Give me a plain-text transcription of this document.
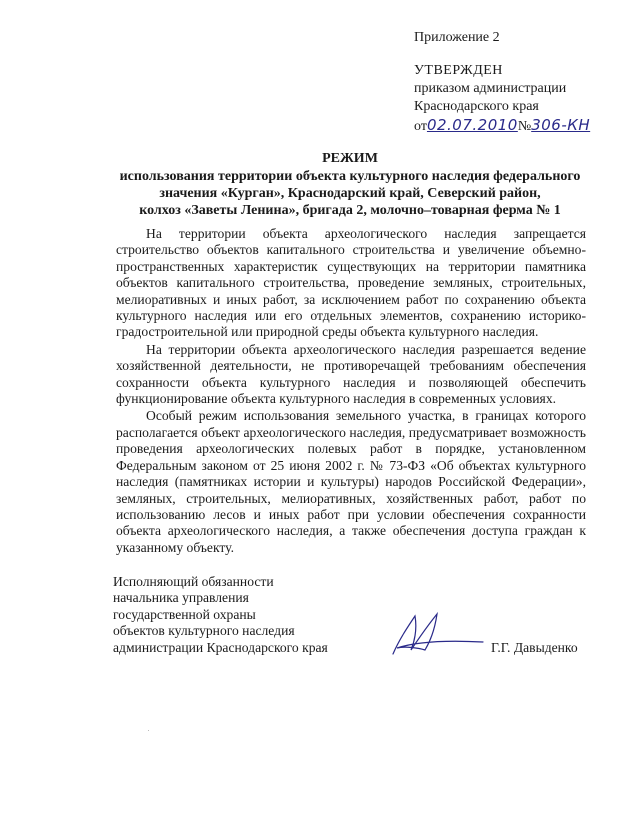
Приложение 2
УТВЕРЖДЕН
приказом администрации
Краснодарского края
от02.07.2010№306-КН
РЕЖИМ
использования территории объекта культурного наследия федерального
значения «Курган», Краснодарский край, Северский район,
колхоз «Заветы Ленина», бригада 2, молочно–товарная ферма № 1

На территории объекта археологического наследия запрещается строительство объектов капитального строительства и увеличение объемно-пространственных характеристик существующих на территории памятника объектов капитального строительства, проведение земляных, строительных, мелиоративных и иных работ, за исключением работ по сохранению объекта культурного наследия или его отдельных элементов, сохранению историко-градостроительной или природной среды объекта культурного наследия.

На территории объекта археологического наследия разрешается ведение хозяйственной деятельности, не противоречащей требованиям обеспечения сохранности объекта культурного наследия и позволяющей обеспечить функционирование объекта культурного наследия в современных условиях.

Особый режим использования земельного участка, в границах которого располагается объект археологического наследия, предусматривает возможность проведения археологических полевых работ в порядке, установленном Федеральным законом от 25 июня 2002 г. № 73-ФЗ «Об объектах культурного наследия (памятниках истории и культуры) народов Российской Федерации», земляных, строительных, мелиоративных, хозяйственных работ, работ по использованию лесов и иных работ при условии обеспечения сохранности объекта археологического наследия, а также обеспечения доступа граждан к указанному объекту.

Исполняющий обязанности
начальника управления
государственной охраны
объектов культурного наследия
администрации Краснодарского края	Г.Г. Давыденко
